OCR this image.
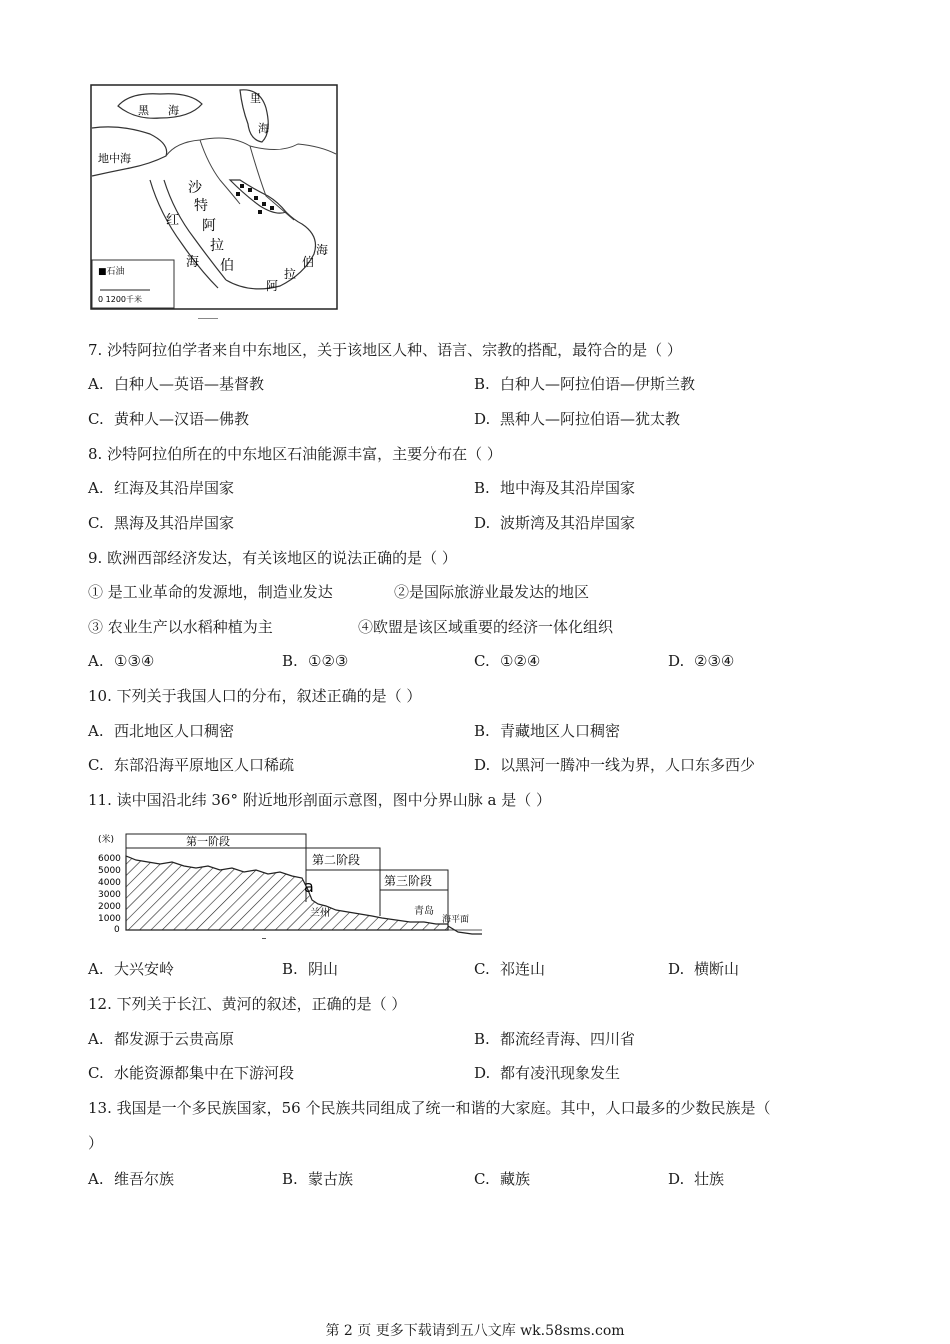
黑 海
里
海
地中海
沙
特
阿
拉
伯
红
海
阿
拉
伯
海
■石油
0 1200千米
7. 沙特阿拉伯学者来自中东地区，关于该地区人种、语言、宗教的搭配，最符合的是（ ）
A. 白种人—英语—基督教	B. 白种人—阿拉伯语—伊斯兰教
C. 黄种人—汉语—佛教	D. 黑种人—阿拉伯语—犹太教
8. 沙特阿拉伯所在的中东地区石油能源丰富，主要分布在（ ）
A. 红海及其沿岸国家	B. 地中海及其沿岸国家
C. 黑海及其沿岸国家	D. 波斯湾及其沿岸国家
9. 欧洲西部经济发达，有关该地区的说法正确的是（ ）
① 是工业革命的发源地，制造业发达	②是国际旅游业最发达的地区
③ 农业生产以水稻种植为主	④欧盟是该区域重要的经济一体化组织
A. ①③④	B. ①②③	C. ①②④	D. ②③④
10. 下列关于我国人口的分布，叙述正确的是（ ）
A. 西北地区人口稠密	B. 青藏地区人口稠密
C. 东部沿海平原地区人口稀疏	D. 以黑河一腾冲一线为界，人口东多西少
11. 读中国沿北纬 36° 附近地形剖面示意图，图中分界山脉 a 是（ ）
(米)
6000
5000
4000
3000
2000
1000
0
第一阶段
第二阶段
第三阶段
a
兰州	青岛
海平面
A. 大兴安岭	B. 阴山	C. 祁连山	D. 横断山
12. 下列关于长江、黄河的叙述，正确的是（ ）
A. 都发源于云贵高原	B. 都流经青海、四川省
C. 水能资源都集中在下游河段	D. 都有凌汛现象发生
13. 我国是一个多民族国家，56 个民族共同组成了统一和谐的大家庭。其中，人口最多的少数民族是（
）
A. 维吾尔族	B. 蒙古族	C. 藏族	D. 壮族
第 2 页 更多下载请到五八文库 wk.58sms.com
